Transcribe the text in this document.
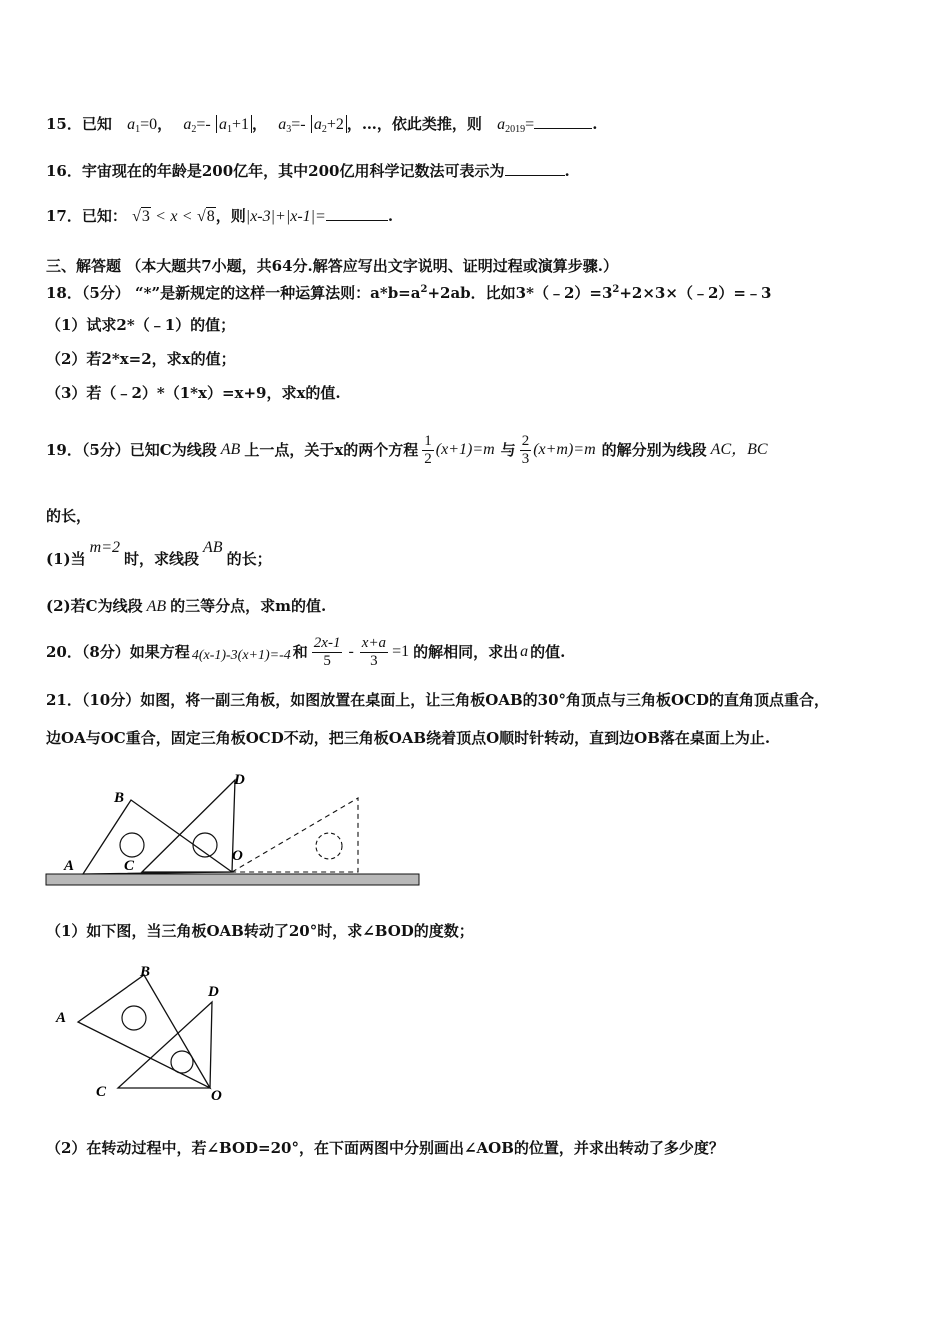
15．已知 $a_1=0$， $a_2=-$ $a_1+1$ ， $a_3=-$ $a_2+2$ ，…，依此类推，则 $a_{2019}=$	.
16．宇宙现在的年龄是200亿年，其中200亿用科学记数法可表示为	.
17．已知： √3 < x < √8，则|x-3|+|x-1|=	.
三、解答题 （本大题共7小题，共64分.解答应写出文字说明、证明过程或演算步骤.）
18．（5分） “*”是新规定的这样一种运算法则：$a*b=a^2+2ab$．比如$3*(﹣2)=3^2+2\times 3\times(﹣2)=﹣3$
（1）试求2*（﹣1）的值；
（2）若2*x=2，求x的值；
（3）若（﹣2）*（1*x）=x+9，求x的值.
19．（5分）已知C为线段 AB 上一点，关于x的两个方程 $\frac{1}{2} (x+1)=m$ 与 $\frac{2}{3} (x+m)=m$ 的解分别为线段 AC，BC
的长，
(1)当m=2时，求线段AB的长；
(2)若C为线段 AB 的三等分点，求m的值.
20．（8分）如果方程 4(x-1)-3(x+1)=-4 和 $\frac{2x-1}{5} - \frac{x+a}{3} =1$ 的解相同，求出 a 的值.
21．（10分）如图，将一副三角板，如图放置在桌面上，让三角板OAB的30°角顶点与三角板OCD的直角顶点重合，
边OA与OC重合，固定三角板OCD不动，把三角板OAB绕着顶点O顺时针转动，直到边OB落在桌面上为止.
A
B
C
D
O
（1）如下图，当三角板OAB转动了20°时，求∠BOD的度数；
A
B
C
D
O
（2）在转动过程中，若∠BOD=20°，在下面两图中分别画出∠AOB的位置，并求出转动了多少度？
